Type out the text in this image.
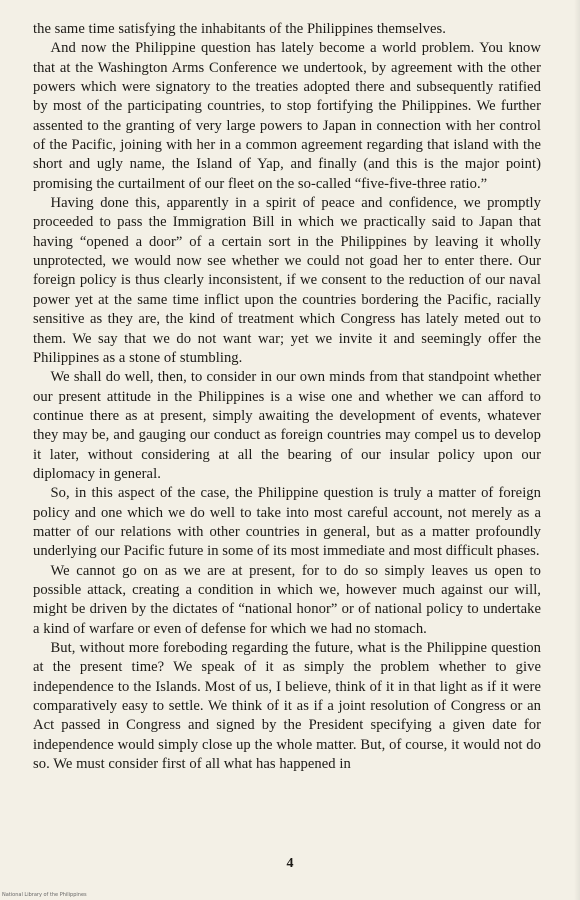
the same time satisfying the inhabitants of the Philippines themselves.

And now the Philippine question has lately become a world problem. You know that at the Washington Arms Conference we undertook, by agreement with the other powers which were signatory to the treaties adopted there and subsequently ratified by most of the participating countries, to stop fortifying the Philippines. We further assented to the granting of very large powers to Japan in connection with her control of the Pacific, joining with her in a common agreement regarding that island with the short and ugly name, the Island of Yap, and finally (and this is the major point) promising the curtailment of our fleet on the so-called “five-five-three ratio.”

Having done this, apparently in a spirit of peace and confidence, we promptly proceeded to pass the Immigration Bill in which we practically said to Japan that having “opened a door” of a certain sort in the Philippines by leaving it wholly unprotected, we would now see whether we could not goad her to enter there. Our foreign policy is thus clearly inconsistent, if we consent to the reduction of our naval power yet at the same time inflict upon the countries bordering the Pacific, racially sensitive as they are, the kind of treatment which Congress has lately meted out to them. We say that we do not want war; yet we invite it and seemingly offer the Philippines as a stone of stumbling.

We shall do well, then, to consider in our own minds from that standpoint whether our present attitude in the Philippines is a wise one and whether we can afford to continue there as at present, simply awaiting the development of events, whatever they may be, and gauging our conduct as foreign countries may compel us to develop it later, without considering at all the bearing of our insular policy upon our diplomacy in general.

So, in this aspect of the case, the Philippine question is truly a matter of foreign policy and one which we do well to take into most careful account, not merely as a matter of our relations with other countries in general, but as a matter profoundly underlying our Pacific future in some of its most immediate and most difficult phases.

We cannot go on as we are at present, for to do so simply leaves us open to possible attack, creating a condition in which we, however much against our will, might be driven by the dictates of “national honor” or of national policy to undertake a kind of warfare or even of defense for which we had no stomach.

But, without more foreboding regarding the future, what is the Philippine question at the present time? We speak of it as simply the problem whether to give independence to the Islands. Most of us, I believe, think of it in that light as if it were comparatively easy to settle. We think of it as if a joint resolution of Congress or an Act passed in Congress and signed by the President specifying a given date for independence would simply close up the whole matter. But, of course, it would not do so. We must consider first of all what has happened in

4
National Library of the Philippines
